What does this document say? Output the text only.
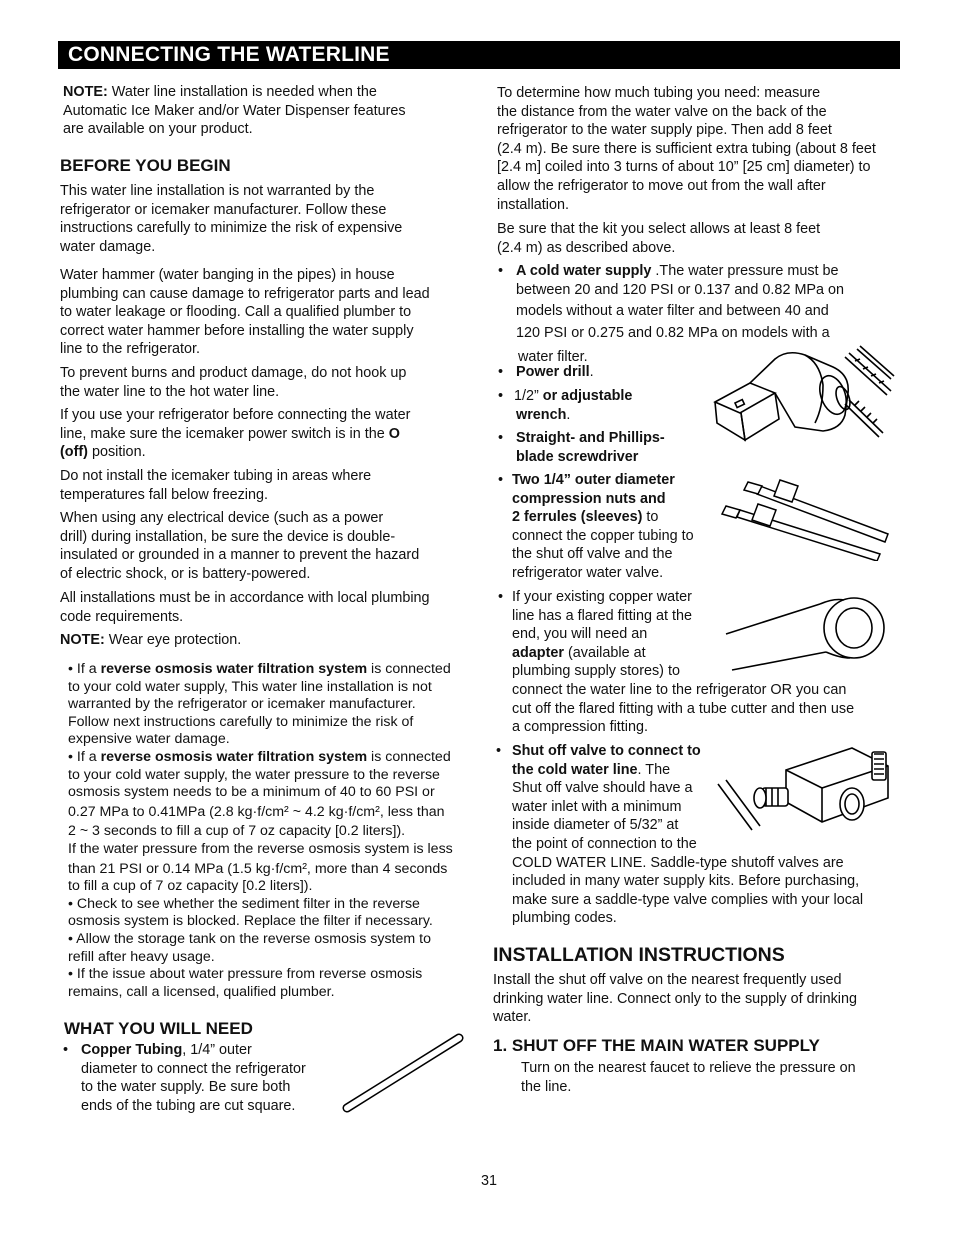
CONNECTING THE WATERLINE
NOTE: Water line installation is needed when the
Automatic Ice Maker and/or Water Dispenser features
are available on your product.
BEFORE YOU BEGIN
This water line installation is not warranted by the
refrigerator or icemaker manufacturer. Follow these
instructions carefully to minimize the risk of expensive
water damage.
Water hammer (water banging in the pipes) in house
plumbing can cause damage to refrigerator parts and lead
to water leakage or flooding. Call a qualified plumber to
correct water hammer before installing the water supply
line to the refrigerator.
To prevent burns and product damage, do not hook up
the water line to the hot water line.
If you use your refrigerator before connecting the water
line, make sure the icemaker power switch is in the O
(off) position.
Do not install the icemaker tubing in areas where
temperatures fall below freezing.
When using any electrical device (such as a power
drill) during installation, be sure the device is double-
insulated or grounded in a manner to prevent the hazard
of electric shock, or is battery-powered.
All installations must be in accordance with local plumbing
code requirements.
NOTE: Wear eye protection.
• If a reverse osmosis water filtration system is connected
to your cold water supply, This water line installation is not
warranted by the refrigerator or icemaker manufacturer.
Follow next instructions carefully to minimize the risk of
expensive water damage.
• If a reverse osmosis water filtration system is connected
to your cold water supply, the water pressure to the reverse
osmosis system needs to be a minimum of 40 to 60 PSI or
0.27 MPa to 0.41MPa (2.8 kg·f/cm² ~ 4.2 kg·f/cm², less than
2 ~ 3 seconds to fill a cup of 7 oz capacity [0.2 liters]).
If the water pressure from the reverse osmosis system is less
than 21 PSI or 0.14 MPa (1.5 kg·f/cm², more than 4 seconds
to fill a cup of 7 oz capacity [0.2 liters]).
• Check to see whether the sediment filter in the reverse
osmosis system is blocked. Replace the filter if necessary.
• Allow the storage tank on the reverse osmosis system to
refill after heavy usage.
• If the issue about water pressure from reverse osmosis
remains, call a licensed, qualified plumber.
WHAT YOU WILL NEED
• Copper Tubing, 1/4” outer
diameter to connect the refrigerator
to the water supply. Be sure both
ends of the tubing are cut square.
To determine how much tubing you need: measure
the distance from the water valve on the back of the
refrigerator to the water supply pipe. Then add 8 feet
(2.4 m). Be sure there is sufficient extra tubing (about 8 feet
[2.4 m] coiled into 3 turns of about 10” [25 cm] diameter) to
allow the refrigerator to move out from the wall after
installation.
Be sure that the kit you select allows at least 8 feet
(2.4 m) as described above.
• A cold water supply .The water pressure must be
between 20 and 120 PSI or 0.137 and 0.82 MPa on
models without a water filter and between 40 and
120 PSI or 0.275 and 0.82 MPa on models with a
water filter.
• Power drill.
• 1/2” or adjustable
wrench.
• Straight- and Phillips-
blade screwdriver
• Two 1/4” outer diameter
compression nuts and
2 ferrules (sleeves) to
connect the copper tubing to
the shut off valve and the
refrigerator water valve.
• If your existing copper water
line has a flared fitting at the
end, you will need an
adapter (available at
plumbing supply stores) to
connect the water line to the refrigerator OR you can
cut off the flared fitting with a tube cutter and then use
a compression fitting.
• Shut off valve to connect to
the cold water line. The
Shut off valve should have a
water inlet with a minimum
inside diameter of 5/32” at
the point of connection to the
COLD WATER LINE. Saddle-type shutoff valves are
included in many water supply kits. Before purchasing,
make sure a saddle-type valve complies with your local
plumbing codes.
INSTALLATION INSTRUCTIONS
Install the shut off valve on the nearest frequently used
drinking water line. Connect only to the supply of drinking
water.
1. SHUT OFF THE MAIN WATER SUPPLY
Turn on the nearest faucet to relieve the pressure on
the line.
31
